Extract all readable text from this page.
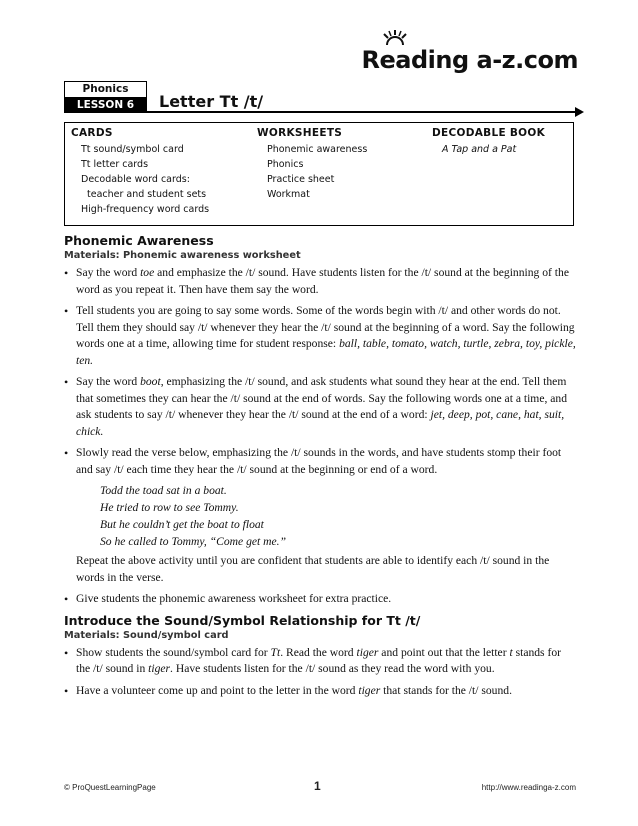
Reading a-z.com
Phonics
LESSON 6	Letter Tt /t/
CARDS
Tt sound/symbol card
Tt letter cards
Decodable word cards:
teacher and student sets
High-frequency word cards
WORKSHEETS
Phonemic awareness
Phonics
Practice sheet
Workmat
DECODABLE BOOK
A Tap and a Pat
Phonemic Awareness
Materials: Phonemic awareness worksheet

• Say the word toe and emphasize the /t/ sound. Have students listen for the /t/ sound at the beginning of the word as you repeat it. Then have them say the word.

• Tell students you are going to say some words. Some of the words begin with /t/ and other words do not. Tell them they should say /t/ whenever they hear the /t/ sound at the beginning of a word. Say the following words one at a time, allowing time for student response: ball, table, tomato, watch, turtle, zebra, toy, pickle, ten.

• Say the word boot, emphasizing the /t/ sound, and ask students what sound they hear at the end. Tell them that sometimes they can hear the /t/ sound at the end of words. Say the following words one at a time, and ask students to say /t/ whenever they hear the /t/ sound at the end of a word: jet, deep, pot, cane, hat, suit, chick.

• Slowly read the verse below, emphasizing the /t/ sounds in the words, and have students stomp their foot and say /t/ each time they hear the /t/ sound at the beginning or end of a word.

Todd the toad sat in a boat.
He tried to row to see Tommy.
But he couldn’t get the boat to float
So he called to Tommy, “Come get me.”
Repeat the above activity until you are confident that students are able to identify each /t/ sound in the words in the verse.

• Give students the phonemic awareness worksheet for extra practice.

Introduce the Sound/Symbol Relationship for Tt /t/
Materials: Sound/symbol card

• Show students the sound/symbol card for Tt. Read the word tiger and point out that the letter t stands for the /t/ sound in tiger. Have students listen for the /t/ sound as they read the word with you.

• Have a volunteer come up and point to the letter in the word tiger that stands for the /t/ sound.

© ProQuestLearningPage	1	http://www.readinga-z.com
